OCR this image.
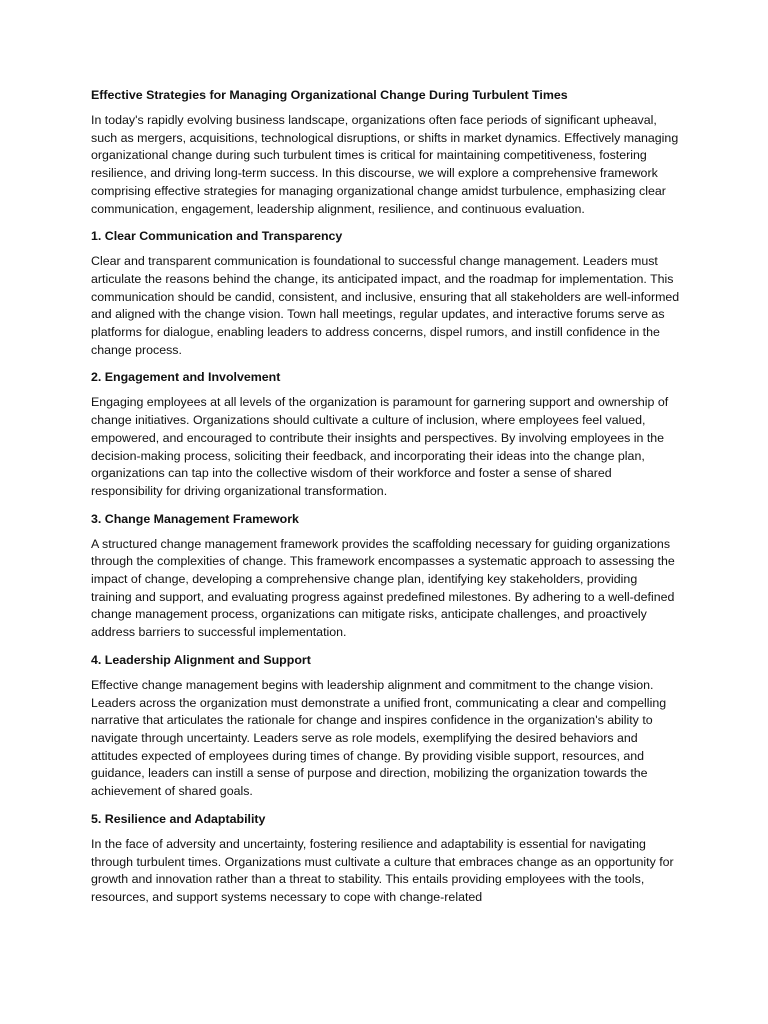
Effective Strategies for Managing Organizational Change During Turbulent Times

In today's rapidly evolving business landscape, organizations often face periods of significant upheaval, such as mergers, acquisitions, technological disruptions, or shifts in market dynamics. Effectively managing organizational change during such turbulent times is critical for maintaining competitiveness, fostering resilience, and driving long-term success. In this discourse, we will explore a comprehensive framework comprising effective strategies for managing organizational change amidst turbulence, emphasizing clear communication, engagement, leadership alignment, resilience, and continuous evaluation.

1. Clear Communication and Transparency

Clear and transparent communication is foundational to successful change management. Leaders must articulate the reasons behind the change, its anticipated impact, and the roadmap for implementation. This communication should be candid, consistent, and inclusive, ensuring that all stakeholders are well-informed and aligned with the change vision. Town hall meetings, regular updates, and interactive forums serve as platforms for dialogue, enabling leaders to address concerns, dispel rumors, and instill confidence in the change process.

2. Engagement and Involvement

Engaging employees at all levels of the organization is paramount for garnering support and ownership of change initiatives. Organizations should cultivate a culture of inclusion, where employees feel valued, empowered, and encouraged to contribute their insights and perspectives. By involving employees in the decision-making process, soliciting their feedback, and incorporating their ideas into the change plan, organizations can tap into the collective wisdom of their workforce and foster a sense of shared responsibility for driving organizational transformation.

3. Change Management Framework

A structured change management framework provides the scaffolding necessary for guiding organizations through the complexities of change. This framework encompasses a systematic approach to assessing the impact of change, developing a comprehensive change plan, identifying key stakeholders, providing training and support, and evaluating progress against predefined milestones. By adhering to a well-defined change management process, organizations can mitigate risks, anticipate challenges, and proactively address barriers to successful implementation.

4. Leadership Alignment and Support

Effective change management begins with leadership alignment and commitment to the change vision. Leaders across the organization must demonstrate a unified front, communicating a clear and compelling narrative that articulates the rationale for change and inspires confidence in the organization's ability to navigate through uncertainty. Leaders serve as role models, exemplifying the desired behaviors and attitudes expected of employees during times of change. By providing visible support, resources, and guidance, leaders can instill a sense of purpose and direction, mobilizing the organization towards the achievement of shared goals.

5. Resilience and Adaptability

In the face of adversity and uncertainty, fostering resilience and adaptability is essential for navigating through turbulent times. Organizations must cultivate a culture that embraces change as an opportunity for growth and innovation rather than a threat to stability. This entails providing employees with the tools, resources, and support systems necessary to cope with change-related
